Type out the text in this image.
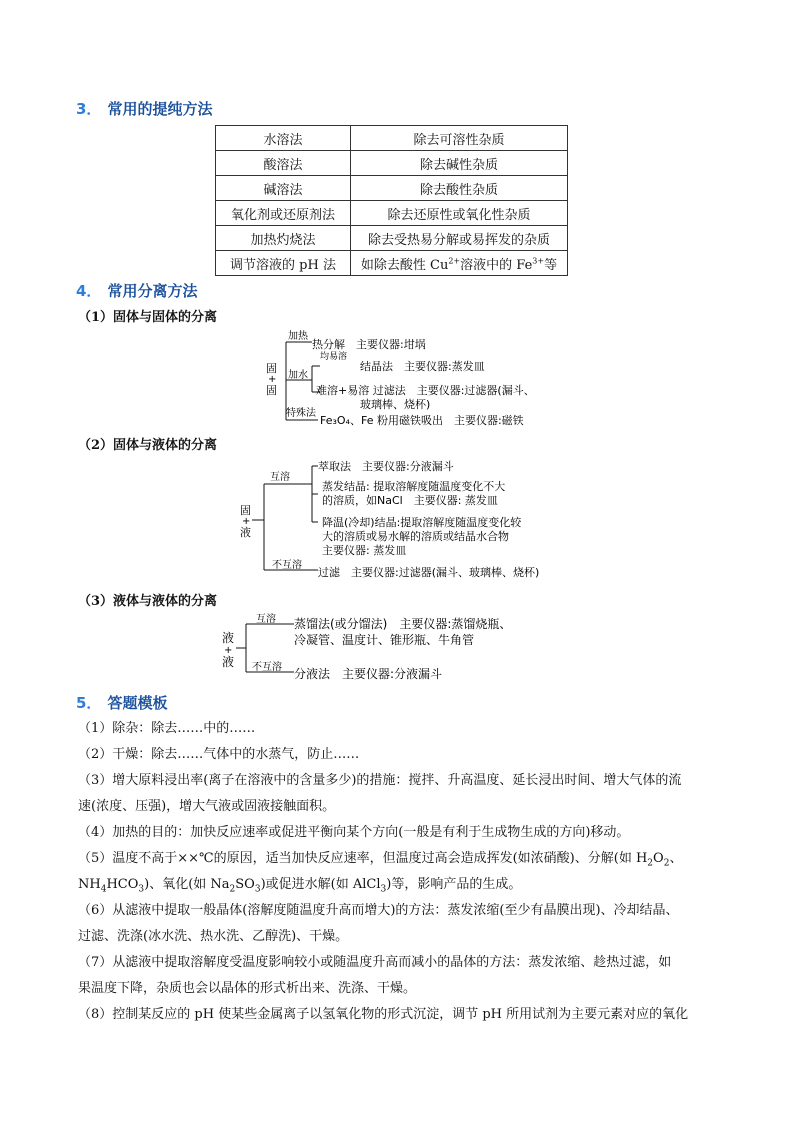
3． 常用的提纯方法
水溶法	除去可溶性杂质
酸溶法	除去碱性杂质
碱溶法	除去酸性杂质
氧化剂或还原剂法	除去还原性或氧化性杂质
加热灼烧法	除去受热易分解或易挥发的杂质
调节溶液的 pH 法	如除去酸性 $Cu^{2+}$溶液中的 $Fe^{3+}$等
4． 常用分离方法
（1）固体与固体的分离
固
+
固
加热
热分解　主要仪器:坩埚
加水
均易溶
结晶法　主要仪器:蒸发皿
难溶+易溶 过滤法　主要仪器:过滤器(漏斗、
玻璃棒、烧杯)
特殊法
Fe₃O₄、Fe 粉用磁铁吸出　主要仪器:磁铁
（2）固体与液体的分离
固
+
液
互溶
不互溶
萃取法　主要仪器:分液漏斗
蒸发结晶: 提取溶解度随温度变化不大
的溶质，如NaCl　主要仪器: 蒸发皿
降温(冷却)结晶:提取溶解度随温度变化较
大的溶质或易水解的溶质或结晶水合物
主要仪器: 蒸发皿
过滤　主要仪器:过滤器(漏斗、玻璃棒、烧杯)
（3）液体与液体的分离
液
+
液
互溶
不互溶
蒸馏法(或分馏法)　主要仪器:蒸馏烧瓶、
冷凝管、温度计、锥形瓶、牛角管
分液法　主要仪器:分液漏斗
5． 答题模板
（1）除杂：除去……中的……
（2）干燥：除去……气体中的水蒸气，防止……
（3）增大原料浸出率(离子在溶液中的含量多少)的措施：搅拌、升高温度、延长浸出时间、增大气体的流
速(浓度、压强)，增大气液或固液接触面积。
（4）加热的目的：加快反应速率或促进平衡向某个方向(一般是有利于生成物生成的方向)移动。
（5）温度不高于××℃的原因，适当加快反应速率，但温度过高会造成挥发(如浓硝酸)、分解(如 $H_2O_2$、
$NH_4HCO_3$)、氧化(如 $Na_2SO_3$)或促进水解(如 AlCl$_3$)等，影响产品的生成。
（6）从滤液中提取一般晶体(溶解度随温度升高而增大)的方法：蒸发浓缩(至少有晶膜出现)、冷却结晶、
过滤、洗涤(冰水洗、热水洗、乙醇洗)、干燥。
（7）从滤液中提取溶解度受温度影响较小或随温度升高而减小的晶体的方法：蒸发浓缩、趁热过滤，如
果温度下降，杂质也会以晶体的形式析出来、洗涤、干燥。
（8）控制某反应的 pH 使某些金属离子以氢氧化物的形式沉淀，调节 pH 所用试剂为主要元素对应的氧化
